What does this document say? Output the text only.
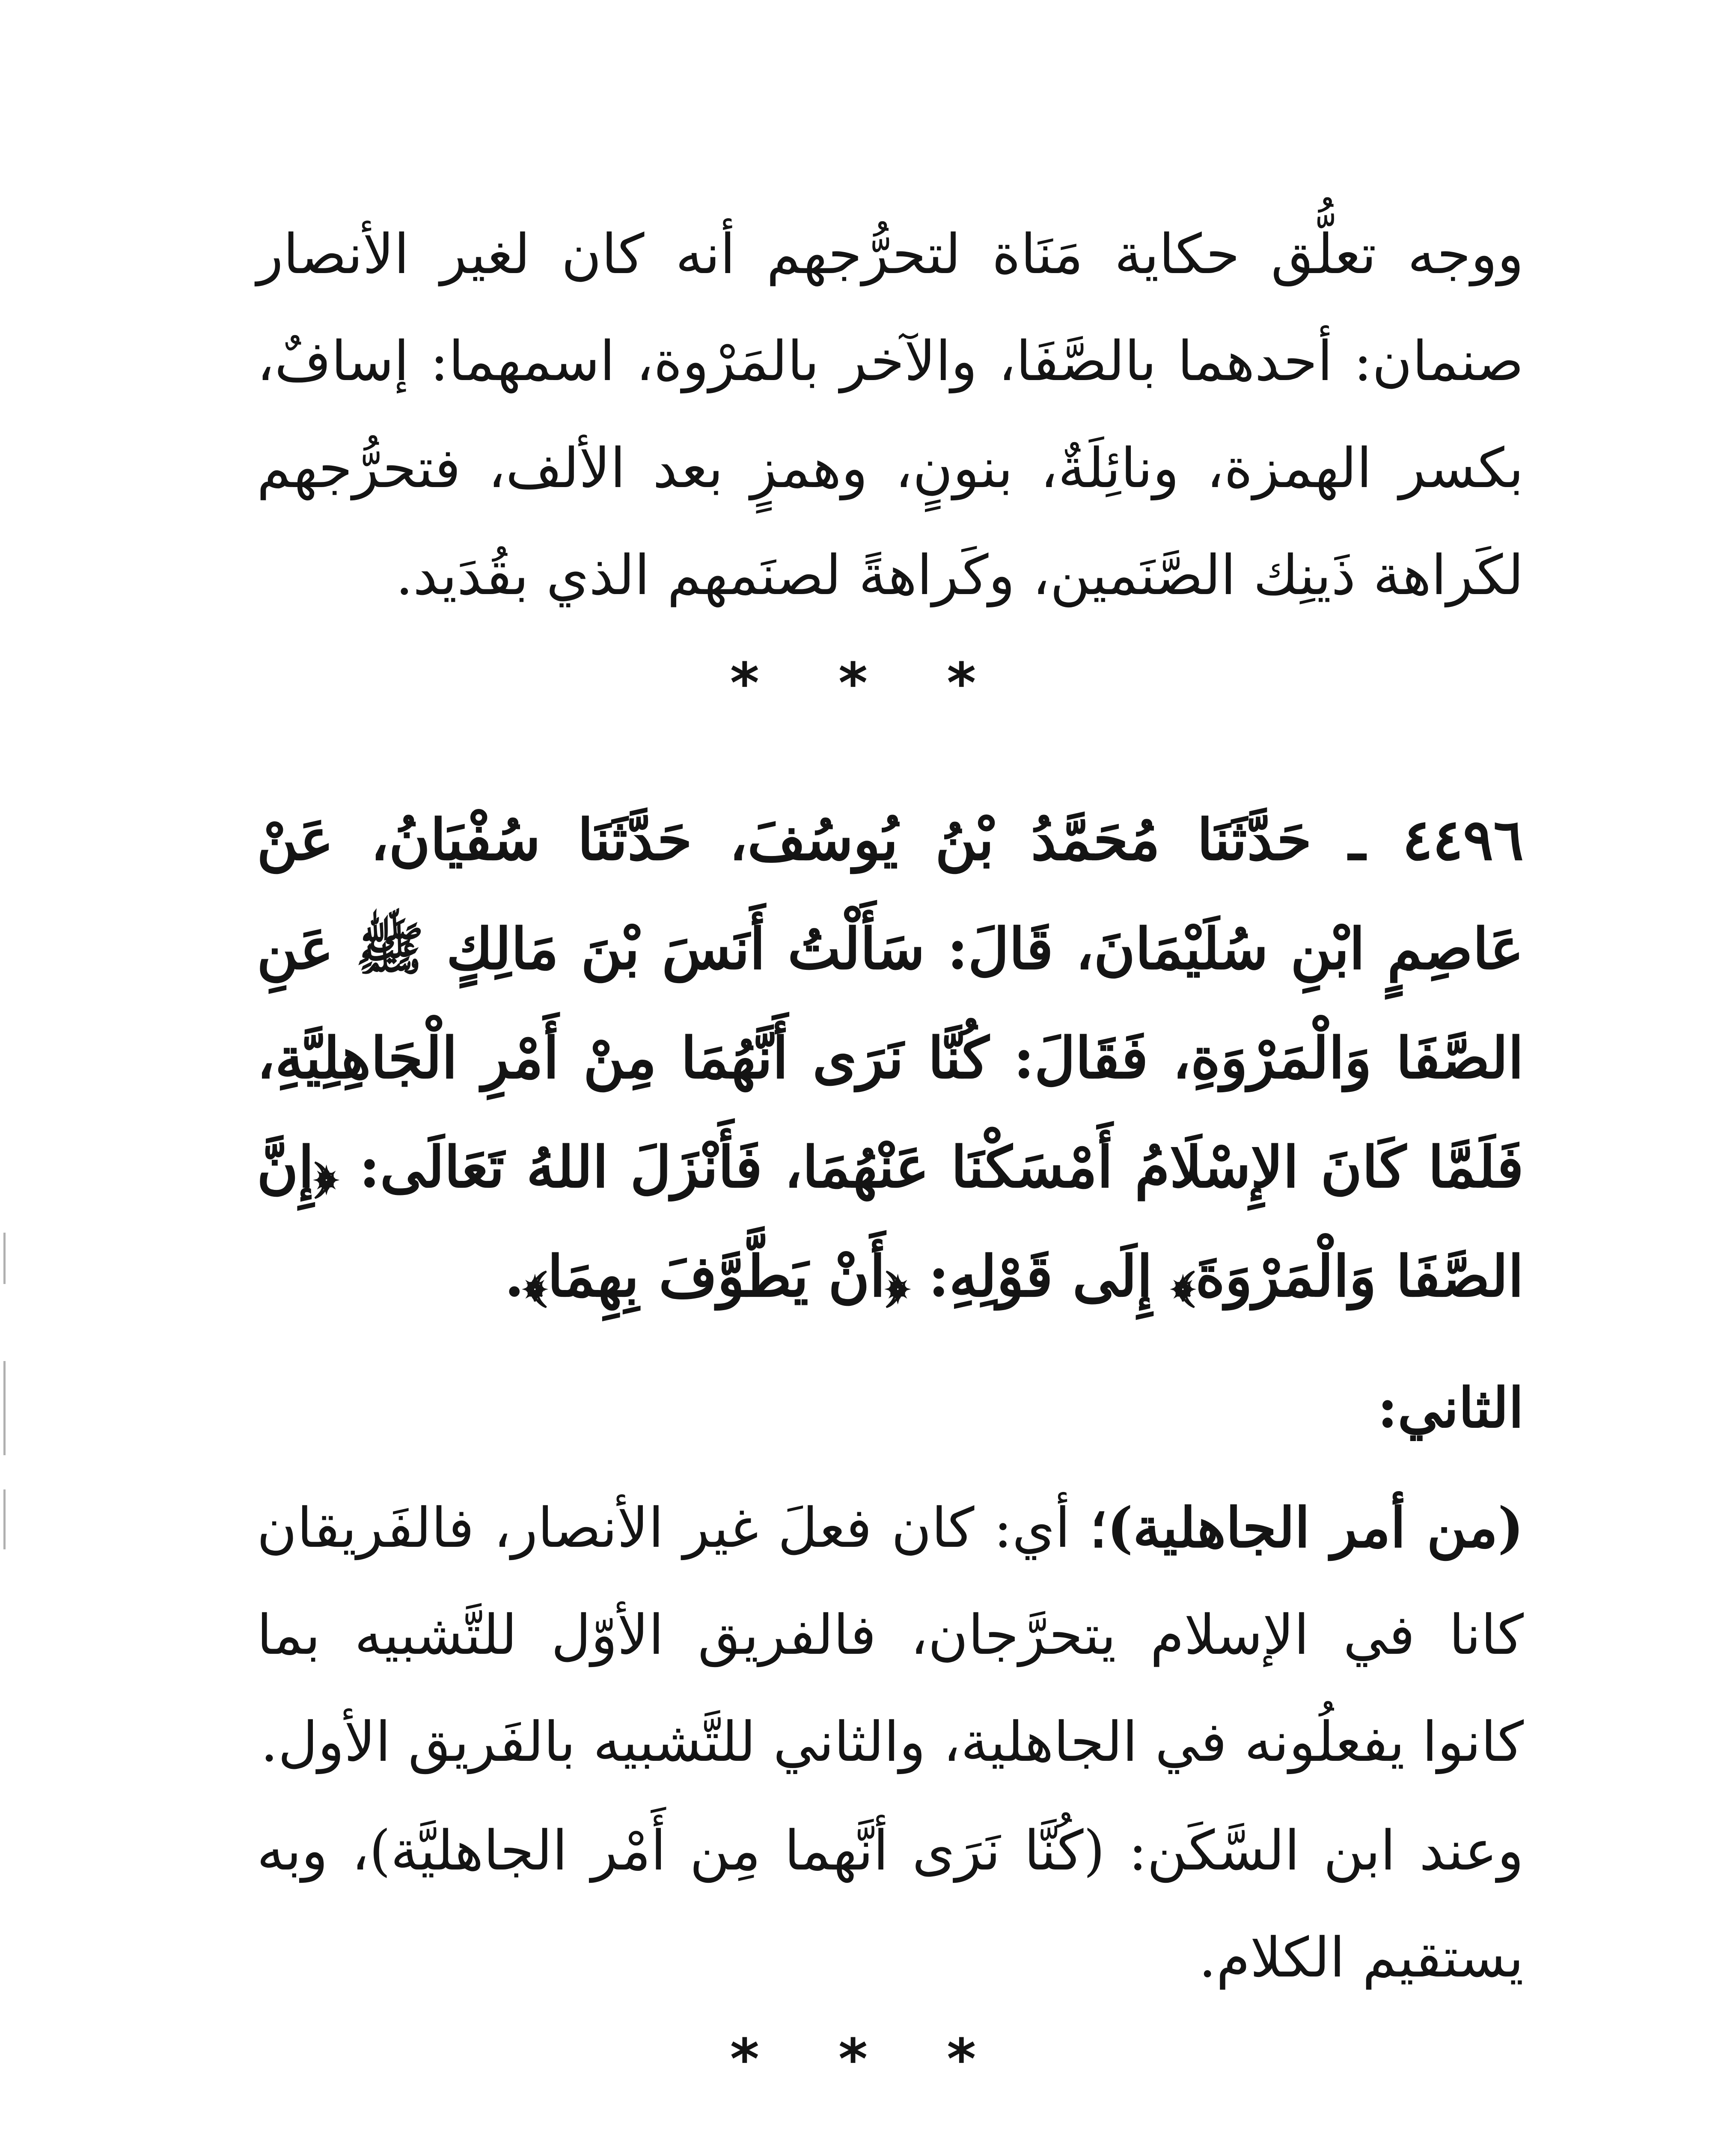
ووجه تعلُّق حكاية مَنَاة لتحرُّجهم أنه كان لغير الأنصار صنمان: أحدهما بالصَّفَا، والآخر بالمَرْوة، اسمهما: إسافٌ، بكسر الهمزة، ونائِلَةٌ، بنونٍ، وهمزٍ بعد الألف، فتحرُّجهم لكَراهة ذَينِك الصَّنَمين، وكَراهةً لصنَمهم الذي بقُدَيد.

* * *

٤٤٩٦ ـ حَدَّثَنَا مُحَمَّدُ بْنُ يُوسُفَ، حَدَّثَنَا سُفْيَانُ، عَنْ عَاصِمٍ ابْنِ سُلَيْمَانَ، قَالَ: سَأَلْتُ أَنَسَ بْنَ مَالِكٍ ﷺ عَنِ الصَّفَا وَالْمَرْوَةِ، فَقَالَ: كُنَّا نَرَى أَنَّهُمَا مِنْ أَمْرِ الْجَاهِلِيَّةِ، فَلَمَّا كَانَ الإِسْلَامُ أَمْسَكْنَا عَنْهُمَا، فَأَنْزَلَ اللهُ تَعَالَى: ﴿إِنَّ الصَّفَا وَالْمَرْوَةَ﴾ إِلَى قَوْلِهِ: ﴿أَنْ يَطَّوَّفَ بِهِمَا﴾.

الثاني:

(من أمر الجاهلية)؛ أي: كان فعلَ غير الأنصار، فالفَريقان كانا في الإسلام يتحرَّجان، فالفريق الأوّل للتَّشبيه بما كانوا يفعلُونه في الجاهلية، والثاني للتَّشبيه بالفَريق الأول.

وعند ابن السَّكَن: (كُنَّا نَرَى أنَّهما مِن أَمْر الجاهليَّة)، وبه يستقيم الكلام.

* * *
